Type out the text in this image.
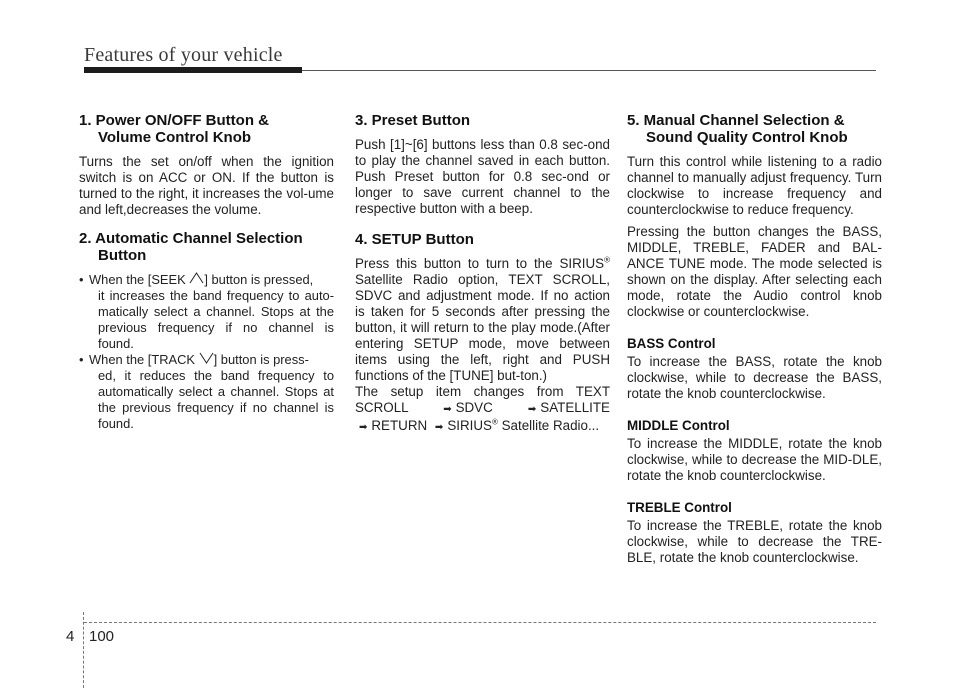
Features of your vehicle
1. Power ON/OFF Button &
Volume Control Knob

Turns the set on/off when the ignition switch is on ACC or ON. If the button is turned to the right, it increases the vol-ume and left,decreases the volume.

2. Automatic Channel Selection
Button
• When the [SEEK ] button is pressed,
it increases the band frequency to auto-matically select a channel. Stops at the previous frequency if no channel is found.
• When the [TRACK ] button is press-
ed, it reduces the band frequency to automatically select a channel. Stops at the previous frequency if no channel is found.
3. Preset Button

Push [1]~[6] buttons less than 0.8 sec-ond to play the channel saved in each button. Push Preset button for 0.8 sec-ond or longer to save current channel to the respective button with a beep.

4. SETUP Button

Press this button to turn to the SIRIUS® Satellite Radio option, TEXT SCROLL, SDVC and adjustment mode. If no action is taken for 5 seconds after pressing the button, it will return to the play mode.(After entering SETUP mode, move between items using the left, right and PUSH functions of the [TUNE] but-ton.)

The setup item changes from TEXT SCROLL	➡ SDVC	➡ SATELLITE ➡ RETURN ➡ SIRIUS® Satellite Radio...

5. Manual Channel Selection &
Sound Quality Control Knob

Turn this control while listening to a radio channel to manually adjust frequency. Turn clockwise to increase frequency and counterclockwise to reduce frequency.

Pressing the button changes the BASS, MIDDLE, TREBLE, FADER and BAL-ANCE TUNE mode. The mode selected is shown on the display. After selecting each mode, rotate the Audio control knob clockwise or counterclockwise.

BASS Control

To increase the BASS, rotate the knob clockwise, while to decrease the BASS, rotate the knob counterclockwise.

MIDDLE Control

To increase the MIDDLE, rotate the knob clockwise, while to decrease the MID-DLE, rotate the knob counterclockwise.

TREBLE Control

To increase the TREBLE, rotate the knob clockwise, while to decrease the TRE-BLE, rotate the knob counterclockwise.

4 100
